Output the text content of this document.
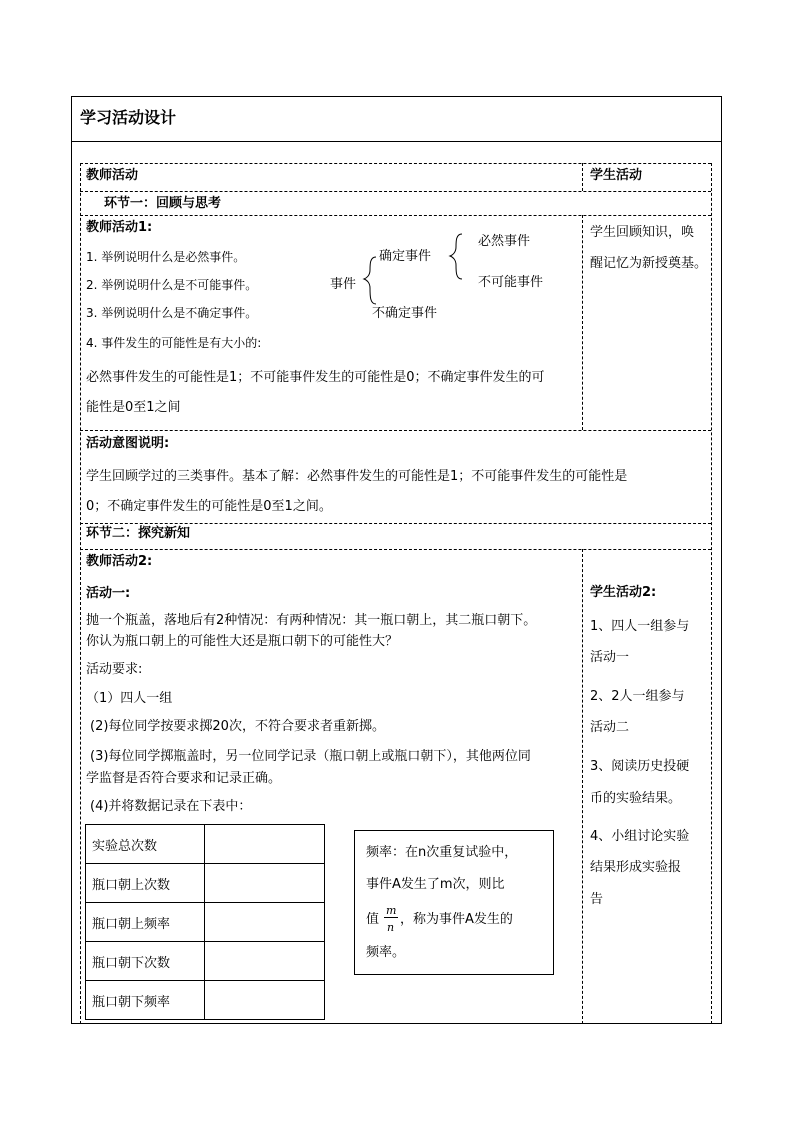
学习活动设计
教师活动	学生活动
环节一：回顾与思考
教师活动1:
1. 举例说明什么是必然事件。
2. 举例说明什么是不可能事件。
3. 举例说明什么是不确定事件。
4. 事件发生的可能性是有大小的:
事件
确定事件
必然事件
不可能事件
不确定事件
必然事件发生的可能性是1；不可能事件发生的可能性是0；不确定事件发生的可
能性是0至1之间
学生回顾知识，唤
醒记忆为新授奠基。
活动意图说明:
学生回顾学过的三类事件。基本了解：必然事件发生的可能性是1；不可能事件发生的可能性是
0；不确定事件发生的可能性是0至1之间。
环节二：探究新知
教师活动2:
活动一:
抛一个瓶盖，落地后有2种情况：有两种情况：其一瓶口朝上，其二瓶口朝下。
你认为瓶口朝上的可能性大还是瓶口朝下的可能性大？
活动要求:
（1）四人一组
(2)每位同学按要求掷20次，不符合要求者重新掷。
(3)每位同学掷瓶盖时，另一位同学记录（瓶口朝上或瓶口朝下），其他两位同
学监督是否符合要求和记录正确。
(4)并将数据记录在下表中：
实验总次数	
瓶口朝上次数	
瓶口朝上频率	
瓶口朝下次数	
瓶口朝下频率	
频率：在n次重复试验中，
事件A发生了m次，则比
值
m
n
，称为事件A发生的
频率。
学生活动2:
1、四人一组参与
活动一
2、2人一组参与
活动二
3、阅读历史投硬
币的实验结果。
4、小组讨论实验
结果形成实验报
告
